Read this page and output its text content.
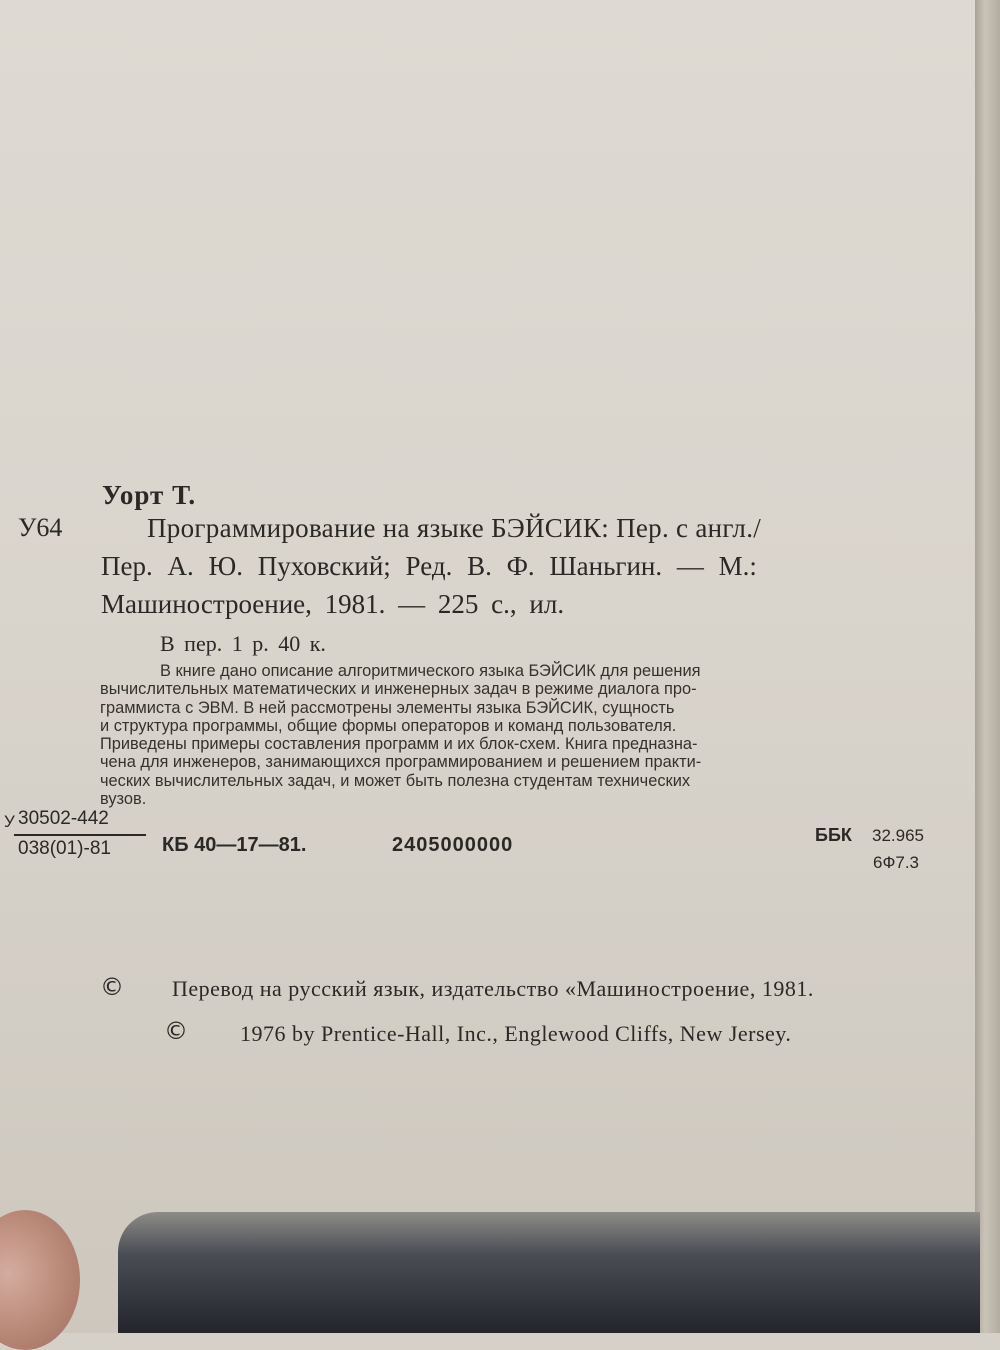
Уорт Т.
У64	Программирование на языке БЭЙСИК: Пер. с англ./
Пер. А. Ю. Пуховский; Ред. В. Ф. Шаньгин. — М.:
Машиностроение, 1981. — 225 с., ил.
В пер. 1 р. 40 к.
В книге дано описание алгоритмического языка БЭЙСИК для решения
вычислительных математических и инженерных задач в режиме диалога про-
граммиста с ЭВМ. В ней рассмотрены элементы языка БЭЙСИК, сущность
и структура программы, общие формы операторов и команд пользователя.
Приведены примеры составления программ и их блок-схем. Книга предназна-
чена для инженеров, занимающихся программированием и решением практи-
ческих вычислительных задач, и может быть полезна студентам технических
вузов.
У 30502-442
038(01)-81	КБ 40—17—81.	2405000000	ББК 32.965
6Ф7.3
© Перевод на русский язык, издательство «Машиностроение, 1981.
© 1976 by Prentice-Hall, Inc., Englewood Cliffs, New Jersey.
